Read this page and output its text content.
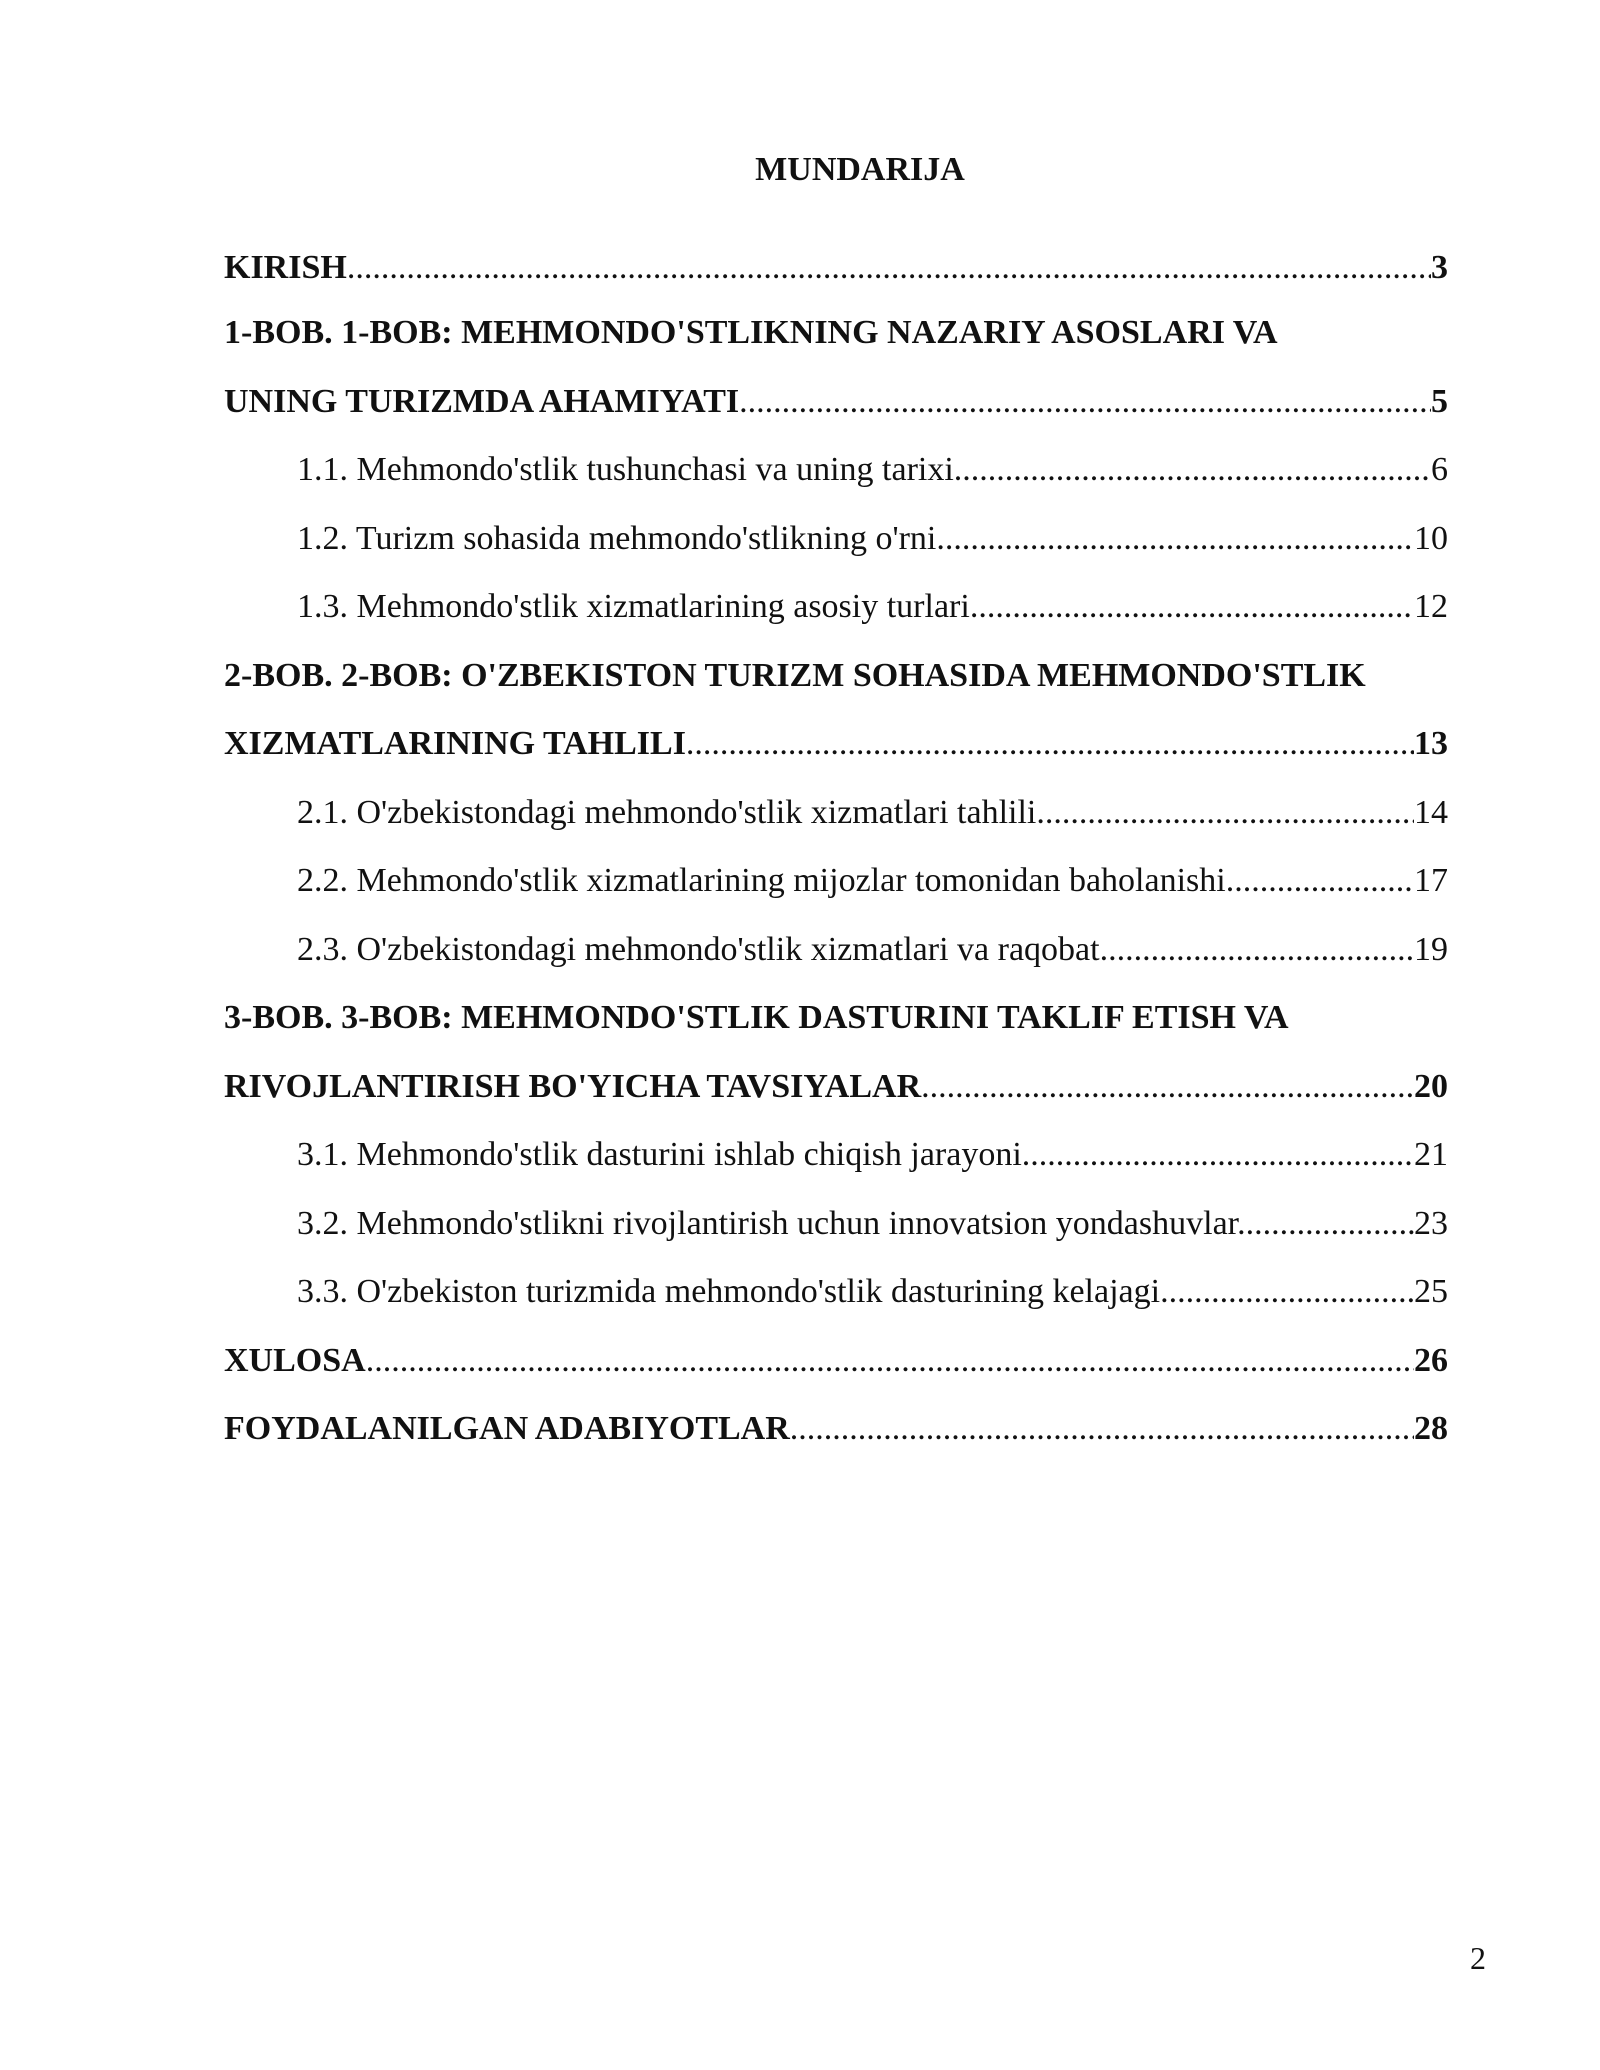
MUNDARIJA
KIRISH .....	3
1-BOB. 1-BOB: MEHMONDO'STLIKNING NAZARIY ASOSLARI VA
UNING TURIZMDA AHAMIYATI .....	5
1.1. Mehmondo'stlik tushunchasi va uning tarixi .....	6
1.2. Turizm sohasida mehmondo'stlikning o'rni .....	10
1.3. Mehmondo'stlik xizmatlarining asosiy turlari .....	12
2-BOB. 2-BOB: O'ZBEKISTON TURIZM SOHASIDA MEHMONDO'STLIK
XIZMATLARINING TAHLILI .....	13
2.1. O'zbekistondagi mehmondo'stlik xizmatlari tahlili .....	14
2.2. Mehmondo'stlik xizmatlarining mijozlar tomonidan baholanishi .....	17
2.3. O'zbekistondagi mehmondo'stlik xizmatlari va raqobat .....	19
3-BOB. 3-BOB: MEHMONDO'STLIK DASTURINI TAKLIF ETISH VA
RIVOJLANTIRISH BO'YICHA TAVSIYALAR .....	20
3.1. Mehmondo'stlik dasturini ishlab chiqish jarayoni .....	21
3.2. Mehmondo'stlikni rivojlantirish uchun innovatsion yondashuvlar. .....	23
3.3. O'zbekiston turizmida mehmondo'stlik dasturining kelajagi .....	25
XULOSA .....	26
FOYDALANILGAN ADABIYOTLAR .....	28
2
